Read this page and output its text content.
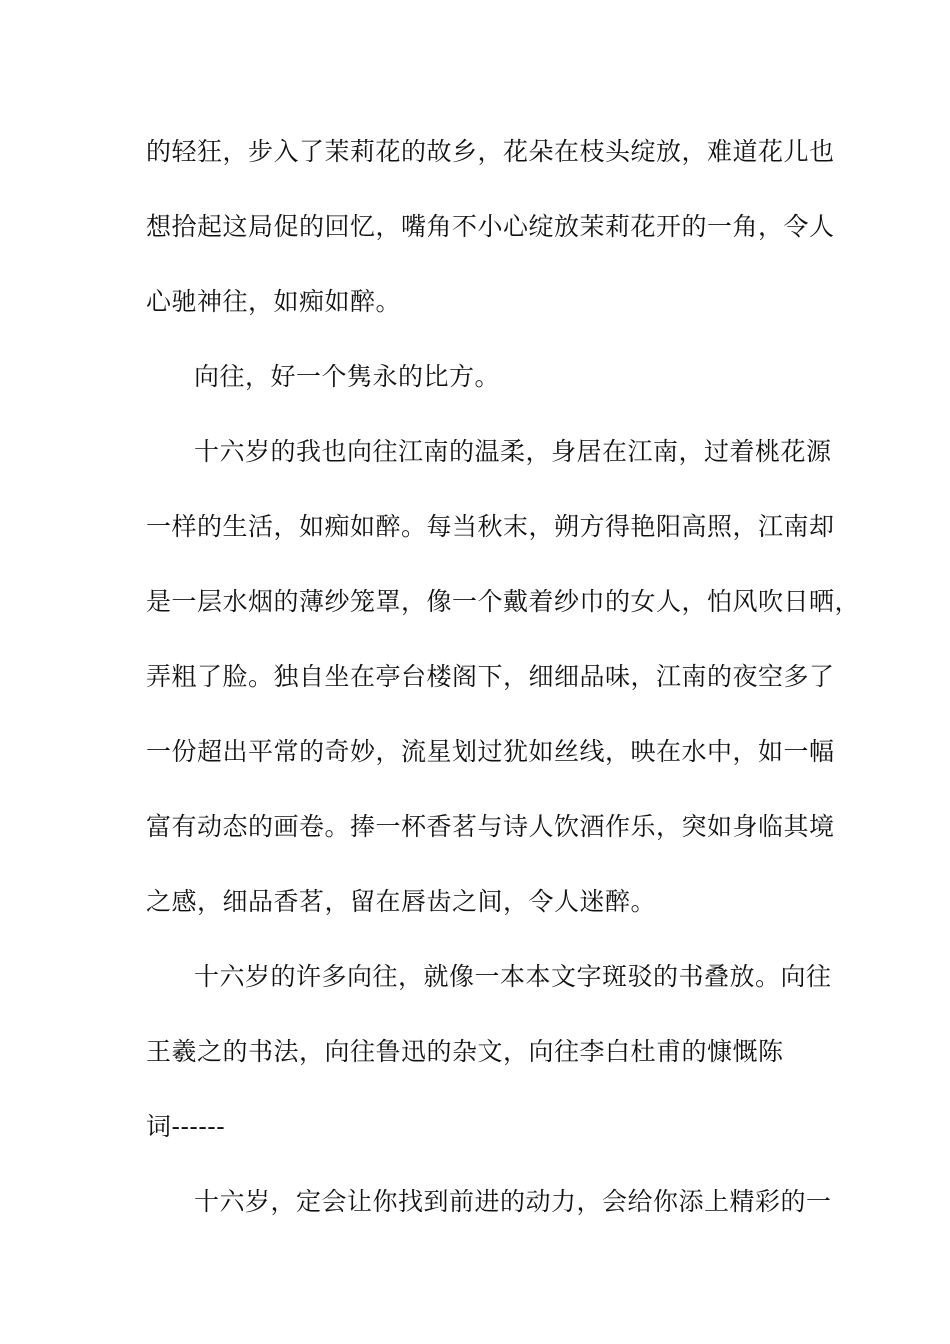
的轻狂，步入了茉莉花的故乡，花朵在枝头绽放，难道花儿也
想拾起这局促的回忆，嘴角不小心绽放茉莉花开的一角，令人
心驰神往，如痴如醉。
向往，好一个隽永的比方。
十六岁的我也向往江南的温柔，身居在江南，过着桃花源
一样的生活，如痴如醉。每当秋末，朔方得艳阳高照，江南却
是一层水烟的薄纱笼罩，像一个戴着纱巾的女人，怕风吹日晒，
弄粗了脸。独自坐在亭台楼阁下，细细品味，江南的夜空多了
一份超出平常的奇妙，流星划过犹如丝线，映在水中，如一幅
富有动态的画卷。捧一杯香茗与诗人饮酒作乐，突如身临其境
之感，细品香茗，留在唇齿之间，令人迷醉。
十六岁的许多向往，就像一本本文字斑驳的书叠放。向往
王羲之的书法，向往鲁迅的杂文，向往李白杜甫的慷慨陈
词------
十六岁，定会让你找到前进的动力，会给你添上精彩的一
